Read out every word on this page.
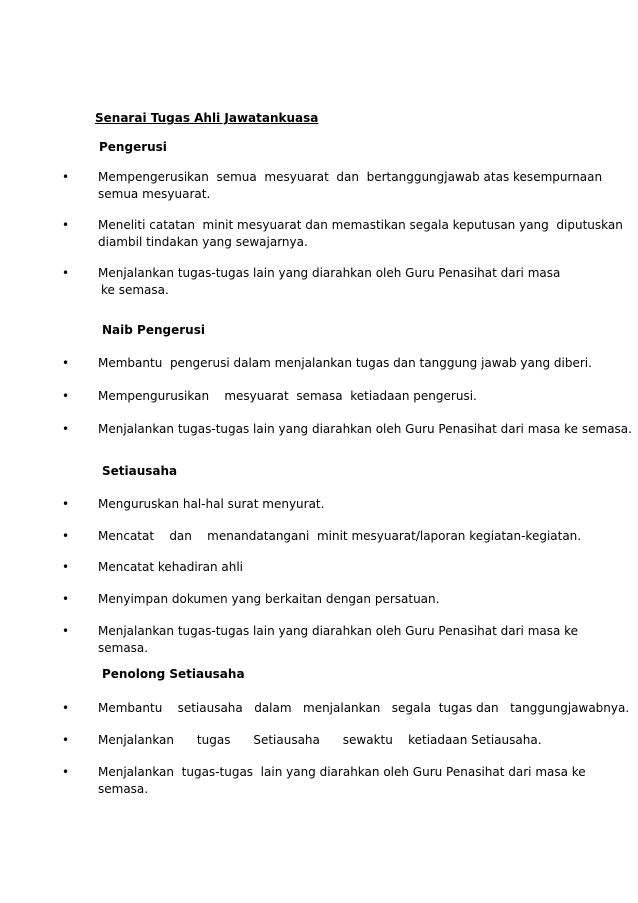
Senarai Tugas Ahli Jawatankuasa
Pengerusi
• Mempengerusikan  semua  mesyuarat  dan  bertanggungjawab atas kesempurnaan
semua mesyuarat.

• Meneliti catatan  minit mesyuarat dan memastikan segala keputusan yang  diputuskan
diambil tindakan yang sewajarnya.

• Menjalankan tugas-tugas lain yang diarahkan oleh Guru Penasihat dari masa
ke semasa.

Naib Pengerusi
• Membantu  pengerusi dalam menjalankan tugas dan tanggung jawab yang diberi.

• Mempengurusikan    mesyuarat  semasa  ketiadaan pengerusi.

• Menjalankan tugas-tugas lain yang diarahkan oleh Guru Penasihat dari masa ke semasa.

Setiausaha
• Menguruskan hal-hal surat menyurat.

• Mencatat    dan    menandatangani  minit mesyuarat/laporan kegiatan-kegiatan.

• Mencatat kehadiran ahli

• Menyimpan dokumen yang berkaitan dengan persatuan.

• Menjalankan tugas-tugas lain yang diarahkan oleh Guru Penasihat dari masa ke
semasa.

Penolong Setiausaha
• Membantu    setiausaha   dalam   menjalankan   segala  tugas dan   tanggungjawabnya.

• Menjalankan      tugas      Setiausaha      sewaktu    ketiadaan Setiausaha.

• Menjalankan  tugas-tugas  lain yang diarahkan oleh Guru Penasihat dari masa ke
semasa.
